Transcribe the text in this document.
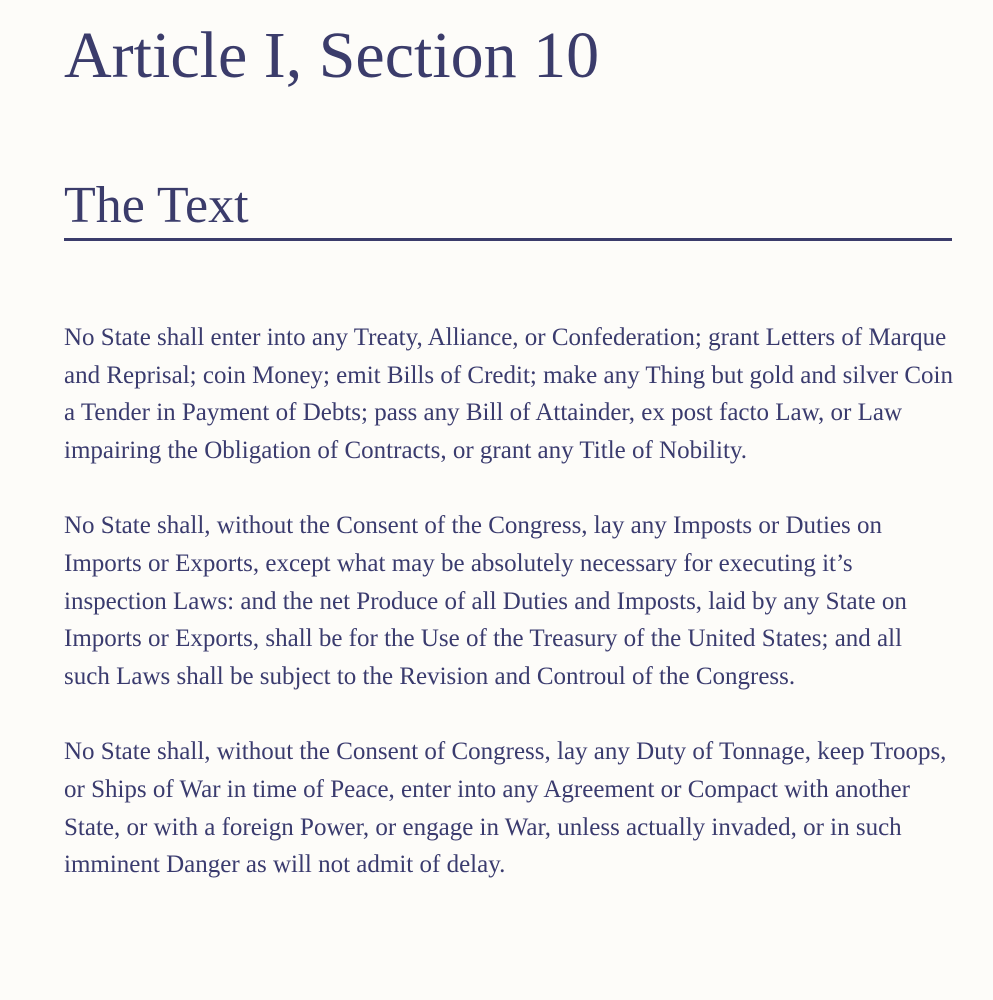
Article I, Section 10
The Text

No State shall enter into any Treaty, Alliance, or Confederation; grant Letters of Marque and Reprisal; coin Money; emit Bills of Credit; make any Thing but gold and silver Coin a Tender in Payment of Debts; pass any Bill of Attainder, ex post facto Law, or Law impairing the Obligation of Contracts, or grant any Title of Nobility.

No State shall, without the Consent of the Congress, lay any Imposts or Duties on Imports or Exports, except what may be absolutely necessary for executing it’s inspection Laws: and the net Produce of all Duties and Imposts, laid by any State on Imports or Exports, shall be for the Use of the Treasury of the United States; and all such Laws shall be subject to the Revision and Controul of the Congress.

No State shall, without the Consent of Congress, lay any Duty of Tonnage, keep Troops, or Ships of War in time of Peace, enter into any Agreement or Compact with another State, or with a foreign Power, or engage in War, unless actually invaded, or in such imminent Danger as will not admit of delay.
